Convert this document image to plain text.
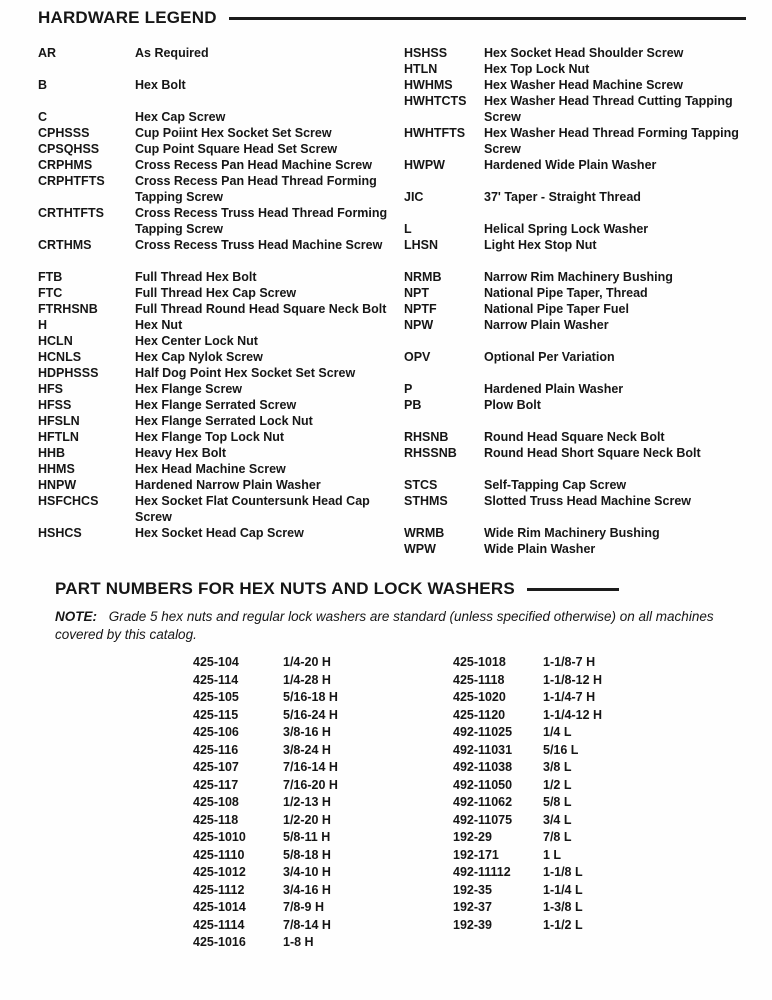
HARDWARE LEGEND
AR	As Required
B	Hex Bolt
C	Hex Cap Screw
CPHSSS	Cup Poiint Hex Socket Set Screw
CPSQHSS	Cup Point Square Head Set Screw
CRPHMS	Cross Recess Pan Head Machine Screw
CRPHTFTS	Cross Recess Pan Head Thread Forming Tapping Screw
CRTHTFTS	Cross Recess Truss Head Thread Forming Tapping Screw
CRTHMS	Cross Recess Truss Head Machine Screw
FTB	Full Thread Hex Bolt
FTC	Full Thread Hex Cap Screw
FTRHSNB	Full Thread Round Head Square Neck Bolt
H	Hex Nut
HCLN	Hex Center Lock Nut
HCNLS	Hex Cap Nylok Screw
HDPHSSS	Half Dog Point Hex Socket Set Screw
HFS	Hex Flange Screw
HFSS	Hex Flange Serrated Screw
HFSLN	Hex Flange Serrated Lock Nut
HFTLN	Hex Flange Top Lock Nut
HHB	Heavy Hex Bolt
HHMS	Hex Head Machine Screw
HNPW	Hardened Narrow Plain Washer
HSFCHCS	Hex Socket Flat Countersunk Head Cap Screw
HSHCS	Hex Socket Head Cap Screw
HSHSS	Hex Socket Head Shoulder Screw
HTLN	Hex Top Lock Nut
HWHMS	Hex Washer Head Machine Screw
HWHTCTS	Hex Washer Head Thread Cutting Tapping Screw
HWHTFTS	Hex Washer Head Thread Forming Tapping Screw
HWPW	Hardened Wide Plain Washer
JIC	37' Taper - Straight Thread
L	Helical Spring Lock Washer
LHSN	Light Hex Stop Nut
NRMB	Narrow Rim Machinery Bushing
NPT	National Pipe Taper, Thread
NPTF	National Pipe Taper Fuel
NPW	Narrow Plain Washer
OPV	Optional Per Variation
P	Hardened Plain Washer
PB	Plow Bolt
RHSNB	Round Head Square Neck Bolt
RHSSNB	Round Head Short Square Neck Bolt
STCS	Self-Tapping Cap Screw
STHMS	Slotted Truss Head Machine Screw
WRMB	Wide Rim Machinery Bushing
WPW	Wide Plain Washer
PART NUMBERS FOR HEX NUTS AND LOCK WASHERS

NOTE: Grade 5 hex nuts and regular lock washers are standard (unless specified otherwise) on all machines covered by this catalog.

425-104	1/4-20 H
425-114	1/4-28 H
425-105	5/16-18 H
425-115	5/16-24 H
425-106	3/8-16 H
425-116	3/8-24 H
425-107	7/16-14 H
425-117	7/16-20 H
425-108	1/2-13 H
425-118	1/2-20 H
425-1010	5/8-11 H
425-1110	5/8-18 H
425-1012	3/4-10 H
425-1112	3/4-16 H
425-1014	7/8-9 H
425-1114	7/8-14 H
425-1016	1-8 H
425-1018	1-1/8-7 H
425-1118	1-1/8-12 H
425-1020	1-1/4-7 H
425-1120	1-1/4-12 H
492-11025	1/4 L
492-11031	5/16 L
492-11038	3/8 L
492-11050	1/2 L
492-11062	5/8 L
492-11075	3/4 L
192-29	7/8 L
192-171	1 L
492-11112	1-1/8 L
192-35	1-1/4 L
192-37	1-3/8 L
192-39	1-1/2 L
